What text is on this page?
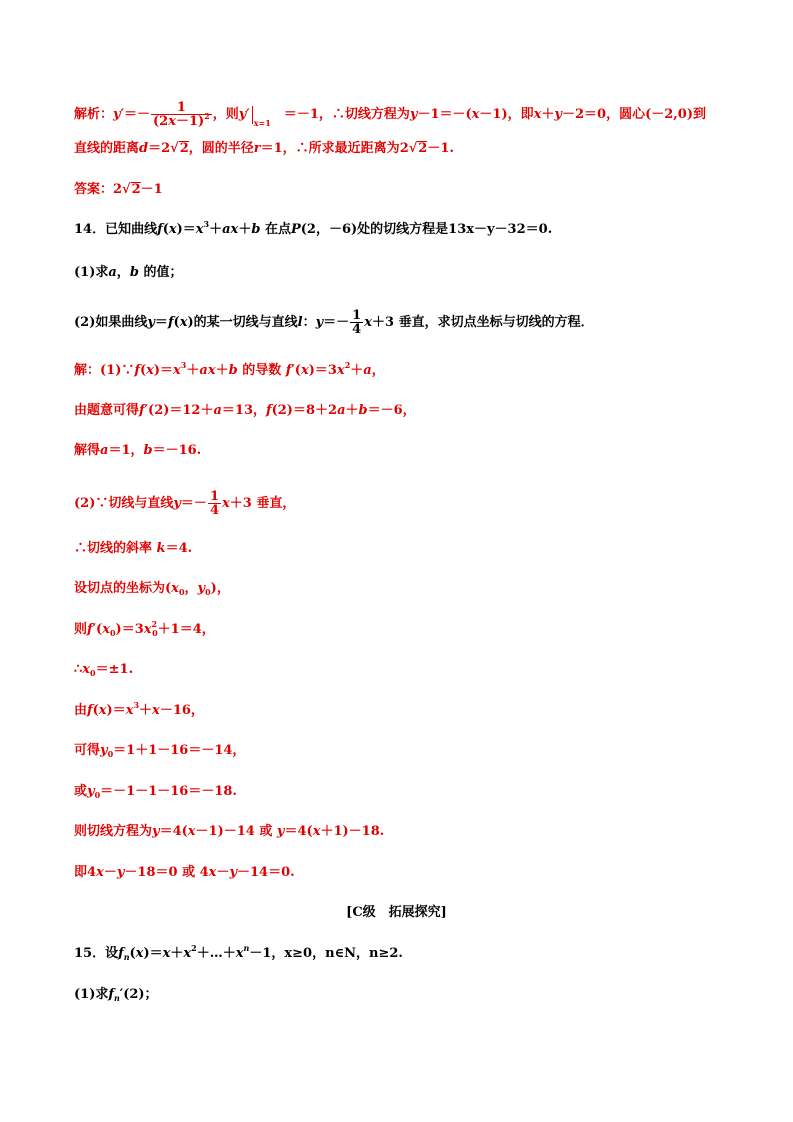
解析：$y'=- \frac{1}{(2x-1)^2}$ ，则$y'_{x=1}$　＝－1，∴切线方程为y－1＝－(x－1)，即x＋y－2＝0，圆心(－2,0)到
直线的距离d＝2√2，圆的半径r＝1，∴所求最近距离为2√2－1.
答案：2√2－1
14．已知曲线$f(x)=x^3+ax+b$ 在点P(2，－6)处的切线方程是13x－y－32＝0.
(1)求a，b 的值；
(2)如果曲线y＝f(x)的某一切线与直线l：$y=- \frac{1}{4} x+3$ 垂直，求切点坐标与切线的方程．
解：$(1)\because f(x)=x^3+ax+b$ 的导数 $f'(x)=3x^2+a$，
由题意可得f′(2)＝12＋a＝13，f(2)＝8＋2a＋b＝－6，
解得a＝1，b＝－16.
(2)∵切线与直线$y=- \frac{1}{4} x+3$ 垂直，
∴切线的斜率 k＝4.
设切点的坐标为($x_0$，$y_0$)，
则$f'(x_0)=3x^2_0+1=4$，
$\therefore x_0=\pm 1$.
由$f(x)=x^3+x-16$，
可得$y_0=1+1-16=-14$，
或$y_0=-1-1-16=-18$.
则切线方程为y＝4(x－1)－14 或 y＝4(x＋1)－18.
即4x－y－18＝0 或 4x－y－14＝0.
[C级　拓展探究]
15．设$f_n(x)=x+x^2+\dots+x^n-1$，x≥0，n∈N，n≥2.
(1)求$f_n'(2)$；
